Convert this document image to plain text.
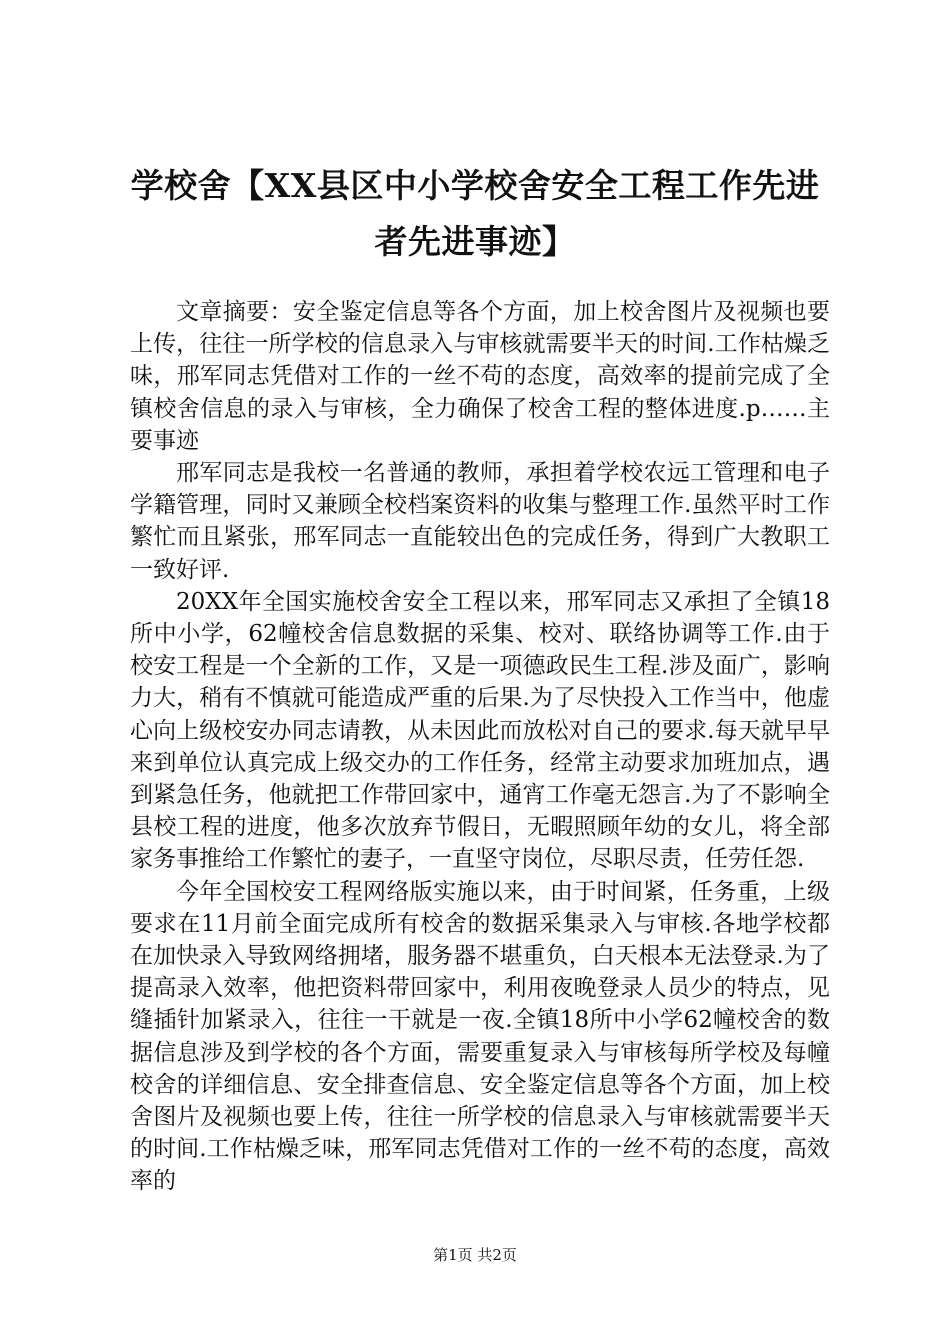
学校舍【XX县区中小学校舍安全工程工作先进者先进事迹】

文章摘要：安全鉴定信息等各个方面，加上校舍图片及视频也要上传，往往一所学校的信息录入与审核就需要半天的时间.工作枯燥乏味，邢军同志凭借对工作的一丝不苟的态度，高效率的提前完成了全镇校舍信息的录入与审核，全力确保了校舍工程的整体进度.p……主要事迹

邢军同志是我校一名普通的教师，承担着学校农远工管理和电子学籍管理，同时又兼顾全校档案资料的收集与整理工作.虽然平时工作繁忙而且紧张，邢军同志一直能较出色的完成任务，得到广大教职工一致好评.

20XX年全国实施校舍安全工程以来，邢军同志又承担了全镇18所中小学，62幢校舍信息数据的采集、校对、联络协调等工作.由于校安工程是一个全新的工作，又是一项德政民生工程.涉及面广，影响力大，稍有不慎就可能造成严重的后果.为了尽快投入工作当中，他虚心向上级校安办同志请教，从未因此而放松对自己的要求.每天就早早来到单位认真完成上级交办的工作任务，经常主动要求加班加点，遇到紧急任务，他就把工作带回家中，通宵工作毫无怨言.为了不影响全县校工程的进度，他多次放弃节假日，无暇照顾年幼的女儿，将全部家务事推给工作繁忙的妻子，一直坚守岗位，尽职尽责，任劳任怨.

今年全国校安工程网络版实施以来，由于时间紧，任务重，上级要求在11月前全面完成所有校舍的数据采集录入与审核.各地学校都在加快录入导致网络拥堵，服务器不堪重负，白天根本无法登录.为了提高录入效率，他把资料带回家中，利用夜晚登录人员少的特点，见缝插针加紧录入，往往一干就是一夜.全镇18所中小学62幢校舍的数据信息涉及到学校的各个方面，需要重复录入与审核每所学校及每幢校舍的详细信息、安全排查信息、安全鉴定信息等各个方面，加上校舍图片及视频也要上传，往往一所学校的信息录入与审核就需要半天的时间.工作枯燥乏味，邢军同志凭借对工作的一丝不苟的态度，高效率的

第1页 共2页
